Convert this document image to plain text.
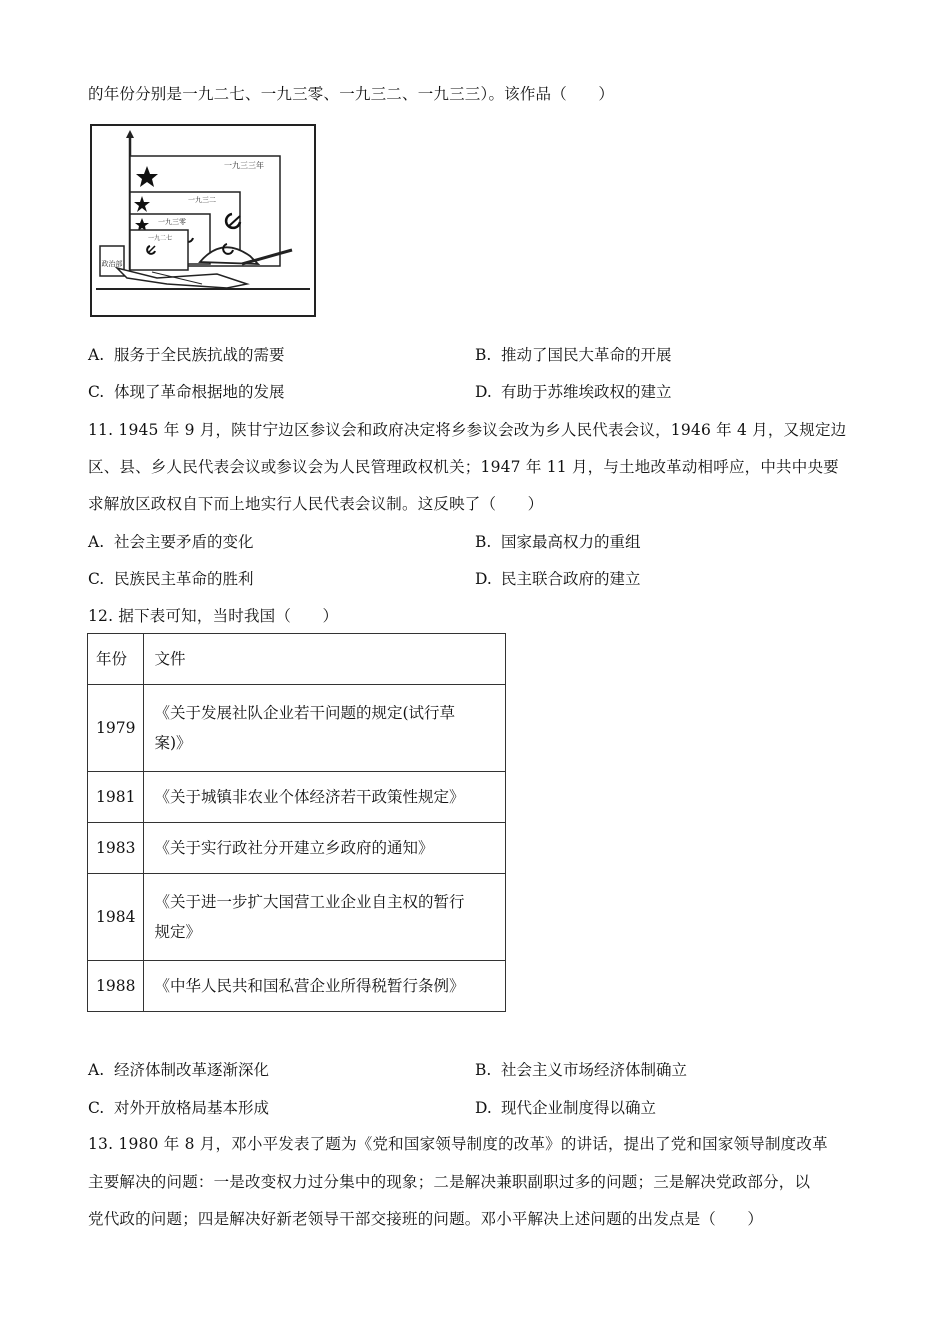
的年份分别是一九二七、一九三零、一九三二、一九三三）。该作品（　　）
一九三三年
一九三二
一九三零
一九二七
政治部
A. 服务于全民族抗战的需要	B. 推动了国民大革命的开展
C. 体现了革命根据地的发展	D. 有助于苏维埃政权的建立
11. 1945 年 9 月，陕甘宁边区参议会和政府决定将乡参议会改为乡人民代表会议，1946 年 4 月，又规定边
区、县、乡人民代表会议或参议会为人民管理政权机关；1947 年 11 月，与土地改革动相呼应，中共中央要
求解放区政权自下而上地实行人民代表会议制。这反映了（　　）
A. 社会主要矛盾的变化	B. 国家最高权力的重组
C. 民族民主革命的胜利	D. 民主联合政府的建立
12. 据下表可知，当时我国（　　）
年份	文件
1979	《关于发展社队企业若干问题的规定(试行草
案)》

1981	《关于城镇非农业个体经济若干政策性规定》

1983	《关于实行政社分开建立乡政府的通知》

1984	《关于进一步扩大国营工业企业自主权的暂行
规定》

1988	《中华人民共和国私营企业所得税暂行条例》
A. 经济体制改革逐渐深化	B. 社会主义市场经济体制确立
C. 对外开放格局基本形成	D. 现代企业制度得以确立
13. 1980 年 8 月，邓小平发表了题为《党和国家领导制度的改革》的讲话，提出了党和国家领导制度改革
主要解决的问题：一是改变权力过分集中的现象；二是解决兼职副职过多的问题；三是解决党政部分，以
党代政的问题；四是解决好新老领导干部交接班的问题。邓小平解决上述问题的出发点是（　　）
